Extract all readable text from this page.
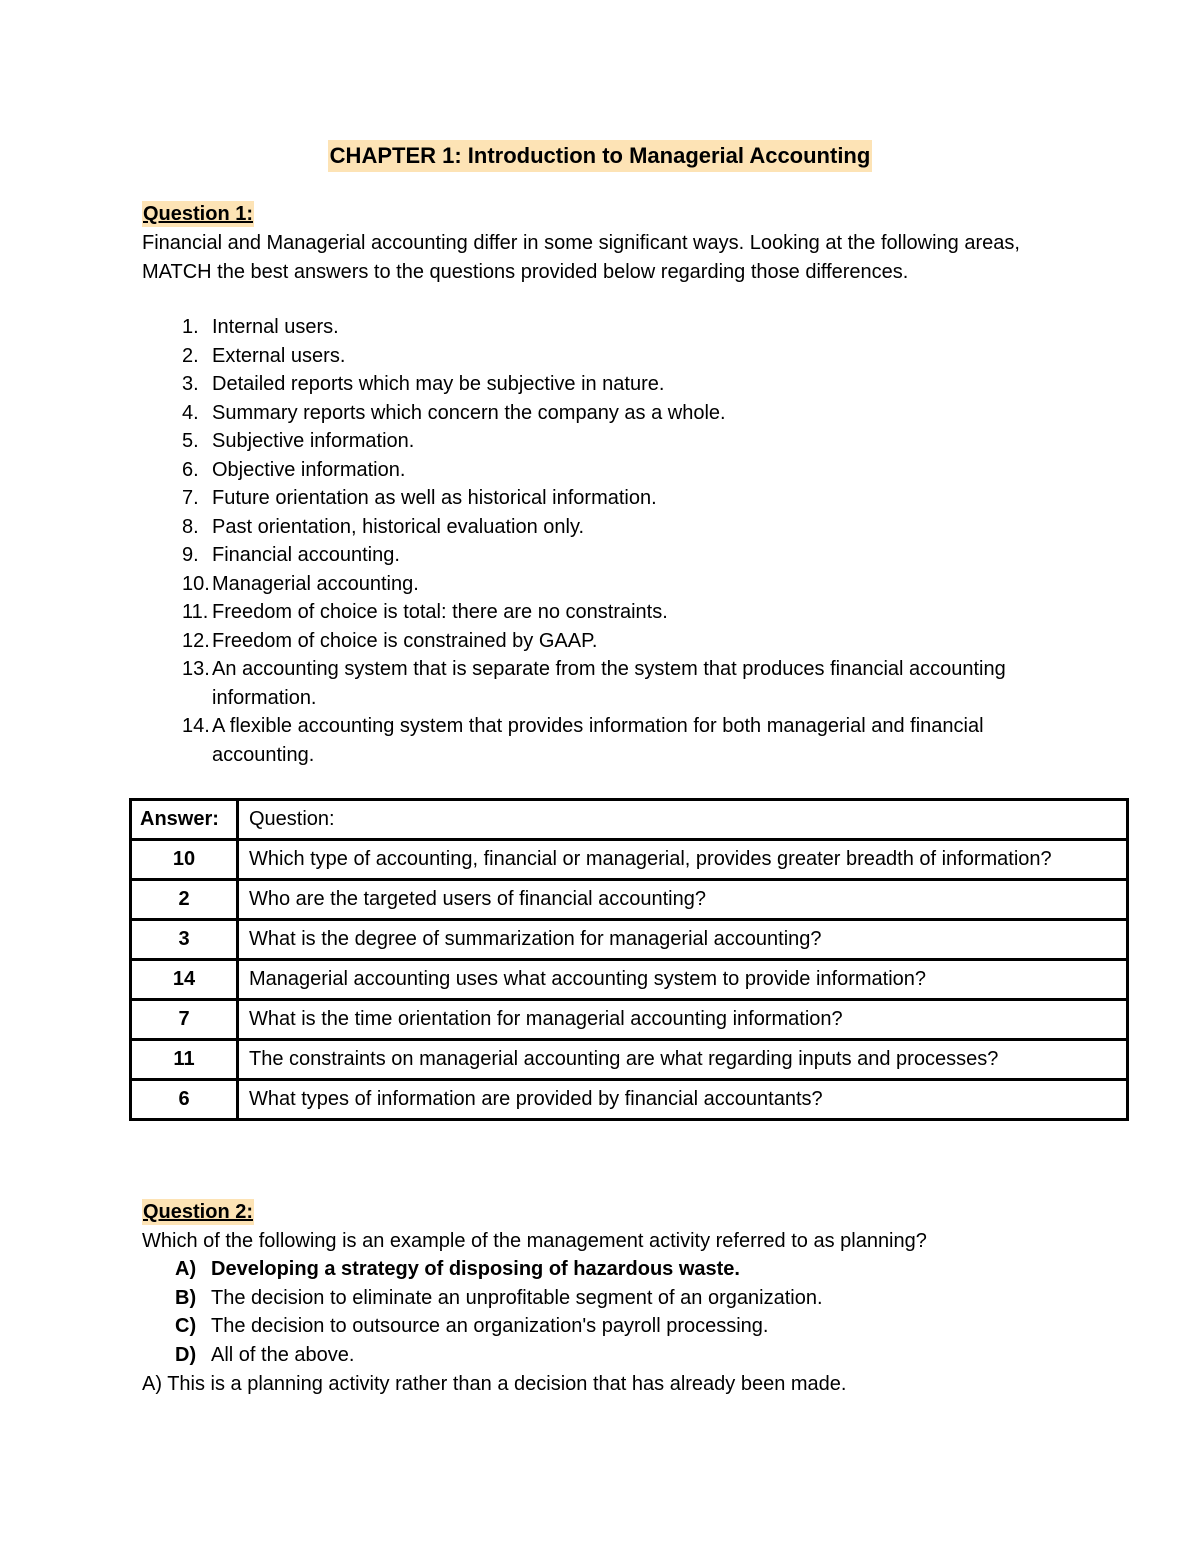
CHAPTER 1: Introduction to Managerial Accounting
Question 1:
Financial and Managerial accounting differ in some significant ways. Looking at the following areas, MATCH the best answers to the questions provided below regarding those differences.
1. Internal users.
2. External users.
3. Detailed reports which may be subjective in nature.
4. Summary reports which concern the company as a whole.
5. Subjective information.
6. Objective information.
7. Future orientation as well as historical information.
8. Past orientation, historical evaluation only.
9. Financial accounting.
10. Managerial accounting.
11. Freedom of choice is total: there are no constraints.
12. Freedom of choice is constrained by GAAP.
13. An accounting system that is separate from the system that produces financial accounting information.
14. A flexible accounting system that provides information for both managerial and financial accounting.
Answer:	Question:
10	Which type of accounting, financial or managerial, provides greater breadth of information?
2	Who are the targeted users of financial accounting?
3	What is the degree of summarization for managerial accounting?
14	Managerial accounting uses what accounting system to provide information?
7	What is the time orientation for managerial accounting information?
11	The constraints on managerial accounting are what regarding inputs and processes?
6	What types of information are provided by financial accountants?
Question 2:
Which of the following is an example of the management activity referred to as planning?
A) Developing a strategy of disposing of hazardous waste.
B) The decision to eliminate an unprofitable segment of an organization.
C) The decision to outsource an organization's payroll processing.
D) All of the above.
A) This is a planning activity rather than a decision that has already been made.
